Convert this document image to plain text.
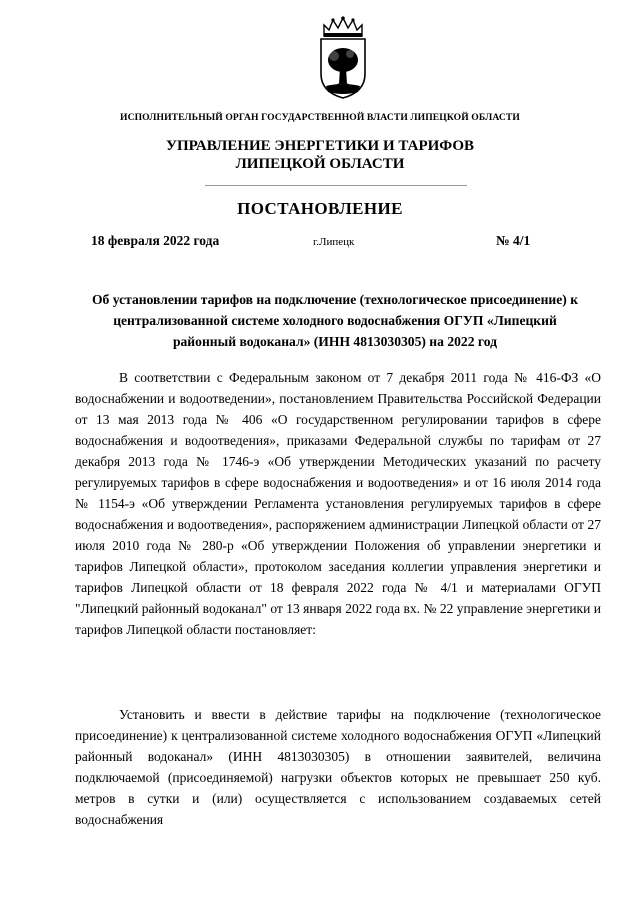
ИСПОЛНИТЕЛЬНЫЙ ОРГАН ГОСУДАРСТВЕННОЙ ВЛАСТИ ЛИПЕЦКОЙ ОБЛАСТИ
УПРАВЛЕНИЕ ЭНЕРГЕТИКИ И ТАРИФОВ
ЛИПЕЦКОЙ ОБЛАСТИ
ПОСТАНОВЛЕНИЕ
18 февраля 2022 года	г.Липецк	№ 4/1
Об установлении тарифов на подключение (технологическое присоединение) к централизованной системе холодного водоснабжения ОГУП «Липецкий районный водоканал» (ИНН 4813030305) на 2022 год

В соответствии с Федеральным законом от 7 декабря 2011 года № 416-ФЗ «О водоснабжении и водоотведении», постановлением Правительства Российской Федерации от 13 мая 2013 года № 406 «О государственном регулировании тарифов в сфере водоснабжения и водоотведения», приказами Федеральной службы по тарифам от 27 декабря 2013 года № 1746-э «Об утверждении Методических указаний по расчету регулируемых тарифов в сфере водоснабжения и водоотведения» и от 16 июля 2014 года № 1154-э «Об утверждении Регламента установления регулируемых тарифов в сфере водоснабжения и водоотведения», распоряжением администрации Липецкой области от 27 июля 2010 года № 280-р «Об утверждении Положения об управлении энергетики и тарифов Липецкой области», протоколом заседания коллегии управления энергетики и тарифов Липецкой области от 18 февраля 2022 года № 4/1 и материалами ОГУП "Липецкий районный водоканал" от 13 января 2022 года вх. № 22 управление энергетики и тарифов Липецкой области постановляет:

Установить и ввести в действие тарифы на подключение (технологическое присоединение) к централизованной системе холодного водоснабжения ОГУП «Липецкий районный водоканал» (ИНН 4813030305) в отношении заявителей, величина подключаемой (присоединяемой) нагрузки объектов которых не превышает 250 куб. метров в сутки и (или) осуществляется с использованием создаваемых сетей водоснабжения
